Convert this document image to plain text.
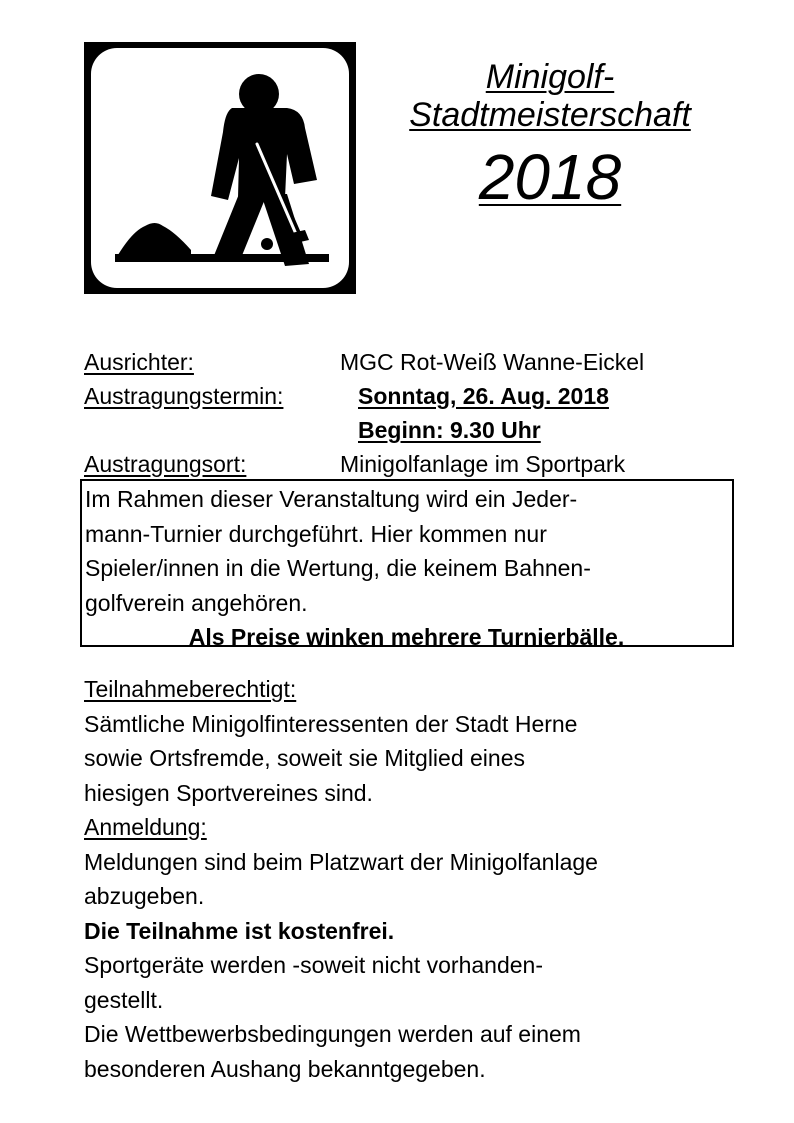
Minigolf-
Stadtmeisterschaft
2018
Ausrichter:	MGC Rot-Weiß Wanne-Eickel
Austragungstermin:	Sonntag, 26. Aug. 2018
Beginn: 9.30 Uhr
Austragungsort:	Minigolfanlage im Sportpark
Im Rahmen dieser Veranstaltung wird ein Jeder-
mann-Turnier durchgeführt. Hier kommen nur
Spieler/innen in die Wertung, die keinem Bahnen-
golfverein angehören.
Als Preise winken mehrere Turnierbälle.
Teilnahmeberechtigt:
Sämtliche Minigolfinteressenten der Stadt Herne
sowie Ortsfremde, soweit sie Mitglied eines
hiesigen Sportvereines sind.
Anmeldung:
Meldungen sind beim Platzwart der Minigolfanlage
abzugeben.
Die Teilnahme ist kostenfrei.
Sportgeräte werden -soweit nicht vorhanden-
gestellt.
Die Wettbewerbsbedingungen werden auf einem
besonderen Aushang bekanntgegeben.
